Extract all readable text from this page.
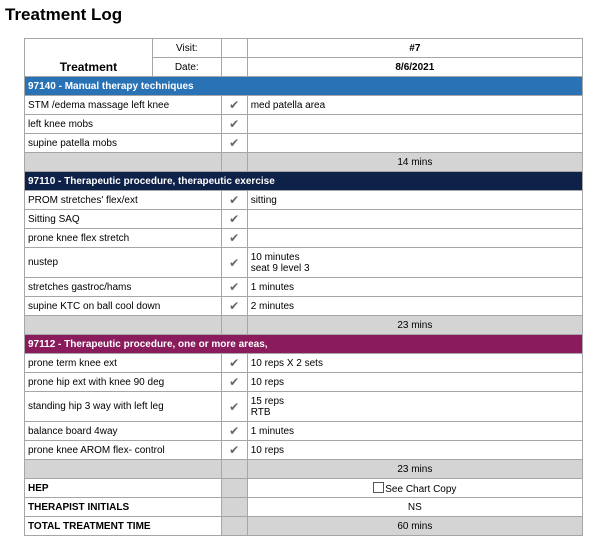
Treatment Log
Treatment	Visit:		#7
	Date:		8/6/2021
97140 - Manual therapy techniques			
STM /edema massage left knee		✔	med patella area

left knee mobs		✔	
supine patella mobs		✔	
			14 mins
97110 - Therapeutic procedure, therapeutic exercise			
PROM stretches' flex/ext		✔	sitting

Sitting SAQ		✔	
prone knee flex stretch		✔	
nustep		✔	10 minutes
seat 9 level 3

stretches gastroc/hams		✔	1 minutes

supine KTC on ball cool down		✔	2 minutes

			23 mins
97112 - Therapeutic procedure, one or more areas,			
prone term knee ext		✔	10 reps X 2 sets

prone hip ext with knee 90 deg		✔	10 reps

standing hip 3 way with left leg		✔	15 reps
RTB

balance board 4way		✔	1 minutes

prone knee AROM flex- control		✔	10 reps

			23 mins
HEP			See Chart Copy
THERAPIST INITIALS			NS
TOTAL TREATMENT TIME			60 mins
